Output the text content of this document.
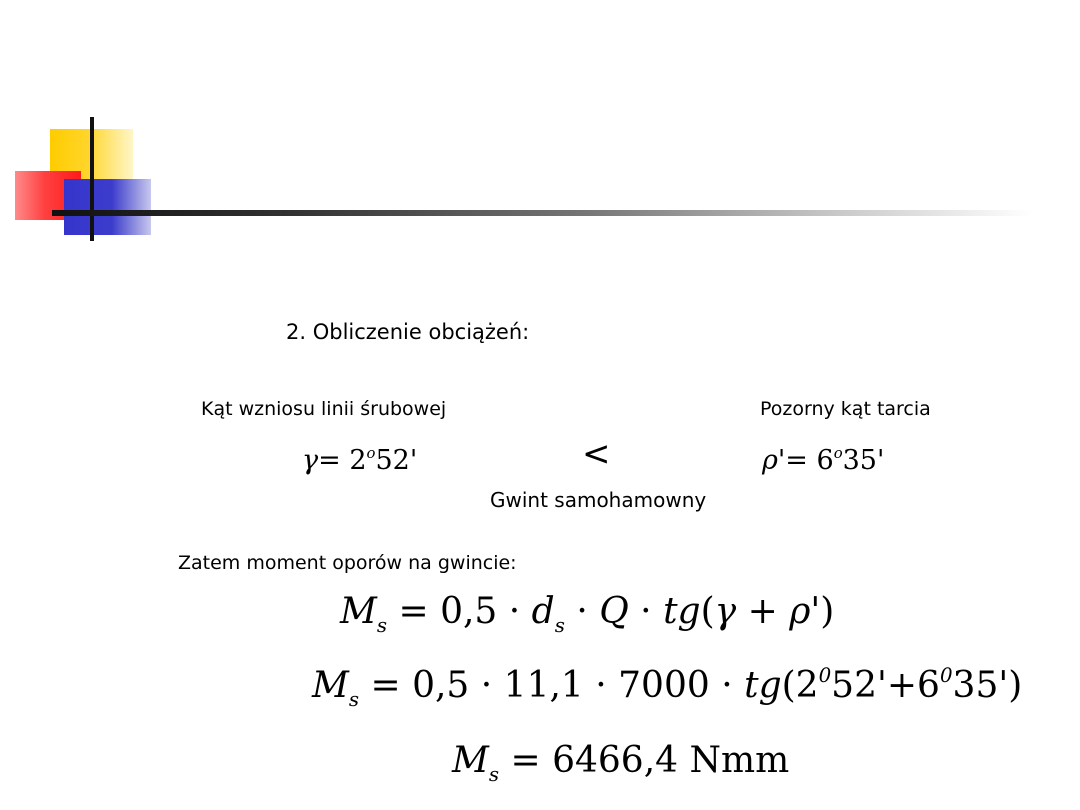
2. Obliczenie obciążeń:
Kąt wzniosu linii śrubowej
$\gamma= 2^o52'$	<
Gwint samohamowny
Pozorny kąt tarcia
$\rho'= 6^o35'$
Zatem moment oporów na gwincie:
$M_s = 0,5 \cdot d_s \cdot Q \cdot tg(\gamma + \rho')$
$M_s = 0,5 \cdot 11,1 \cdot 7000 \cdot tg(2^052'+6^035')$
$M_s = 6466,4$ Nmm
